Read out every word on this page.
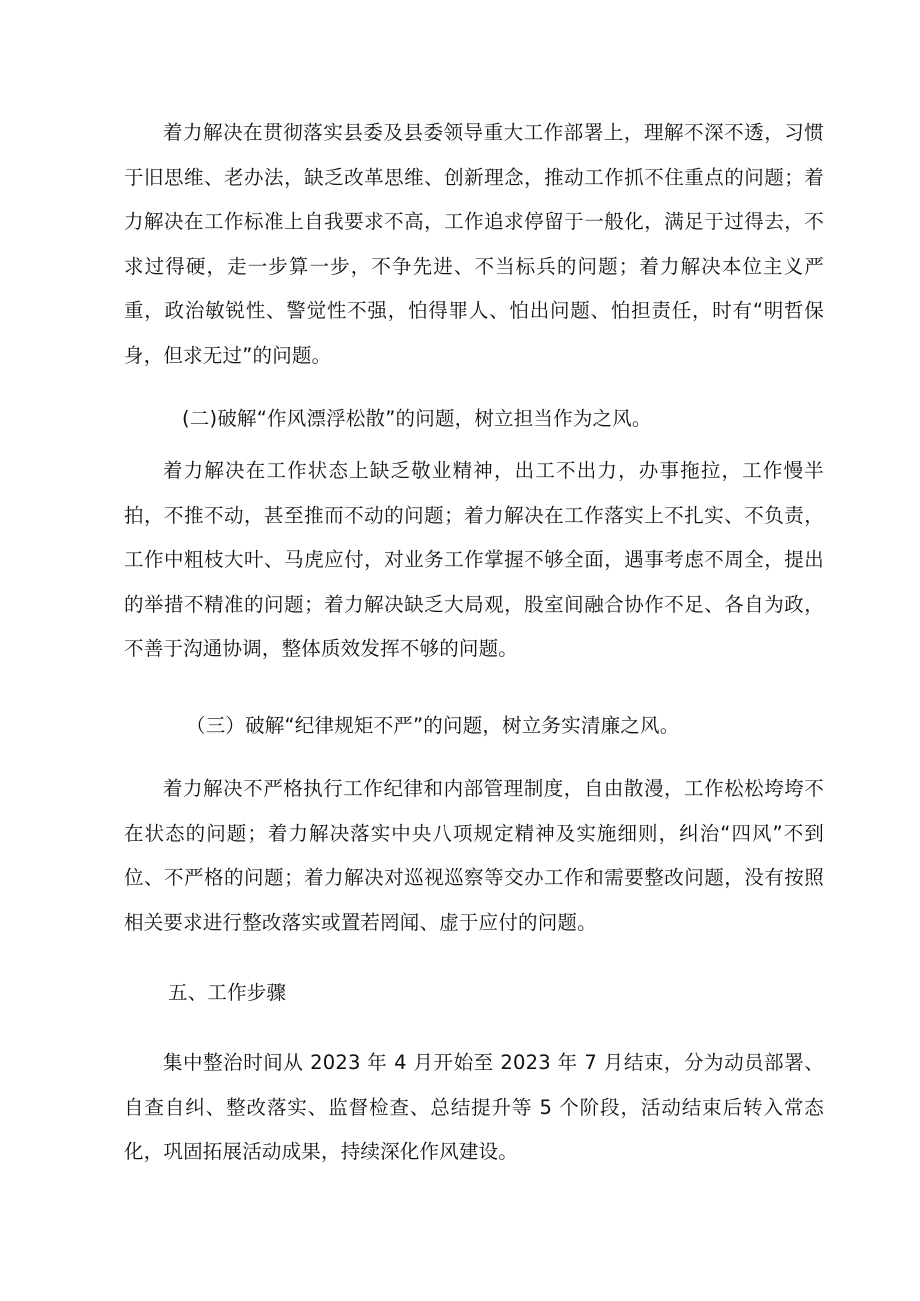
着力解决在贯彻落实县委及县委领导重大工作部署上，理解不深不透，习惯于旧思维、老办法，缺乏改革思维、创新理念，推动工作抓不住重点的问题；着力解决在工作标准上自我要求不高，工作追求停留于一般化，满足于过得去，不求过得硬，走一步算一步，不争先进、不当标兵的问题；着力解决本位主义严重，政治敏锐性、警觉性不强，怕得罪人、怕出问题、怕担责任，时有“明哲保身，但求无过”的问题。

(二)破解“作风漂浮松散”的问题，树立担当作为之风。

着力解决在工作状态上缺乏敬业精神，出工不出力，办事拖拉，工作慢半拍，不推不动，甚至推而不动的问题；着力解决在工作落实上不扎实、不负责，工作中粗枝大叶、马虎应付，对业务工作掌握不够全面，遇事考虑不周全，提出的举措不精准的问题；着力解决缺乏大局观，股室间融合协作不足、各自为政，不善于沟通协调，整体质效发挥不够的问题。

（三）破解“纪律规矩不严”的问题，树立务实清廉之风。

着力解决不严格执行工作纪律和内部管理制度，自由散漫，工作松松垮垮不在状态的问题；着力解决落实中央八项规定精神及实施细则，纠治“四风”不到位、不严格的问题；着力解决对巡视巡察等交办工作和需要整改问题，没有按照相关要求进行整改落实或置若罔闻、虚于应付的问题。

五、工作步骤

集中整治时间从 2023 年 4 月开始至 2023 年 7 月结束，分为动员部署、自查自纠、整改落实、监督检查、总结提升等 5 个阶段，活动结束后转入常态化，巩固拓展活动成果，持续深化作风建设。
